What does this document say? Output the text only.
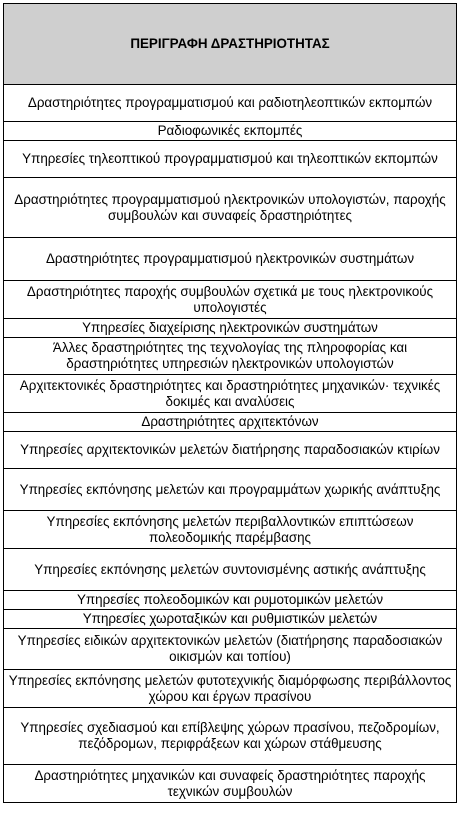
ΠΕΡΙΓΡΑΦΗ ΔΡΑΣΤΗΡΙΟΤΗΤΑΣ
Δραστηριότητες προγραμματισμού και ραδιοτηλεοπτικών εκπομπών
Ραδιοφωνικές εκπομπές
Υπηρεσίες τηλεοπτικού προγραμματισμού και τηλεοπτικών εκπομπών
Δραστηριότητες προγραμματισμού ηλεκτρονικών υπολογιστών, παροχής συμβουλών και συναφείς δραστηριότητες
Δραστηριότητες προγραμματισμού ηλεκτρονικών συστημάτων
Δραστηριότητες παροχής συμβουλών σχετικά με τους ηλεκτρονικούς υπολογιστές
Υπηρεσίες διαχείρισης ηλεκτρονικών συστημάτων
Άλλες δραστηριότητες της τεχνολογίας της πληροφορίας και δραστηριότητες υπηρεσιών ηλεκτρονικών υπολογιστών
Αρχιτεκτονικές δραστηριότητες και δραστηριότητες μηχανικών· τεχνικές δοκιμές και αναλύσεις
Δραστηριότητες αρχιτεκτόνων
Υπηρεσίες αρχιτεκτονικών μελετών διατήρησης παραδοσιακών κτιρίων
Υπηρεσίες εκπόνησης μελετών και προγραμμάτων χωρικής ανάπτυξης
Υπηρεσίες εκπόνησης μελετών περιβαλλοντικών επιπτώσεων πολεοδομικής παρέμβασης
Υπηρεσίες εκπόνησης μελετών συντονισμένης αστικής ανάπτυξης
Υπηρεσίες πολεοδομικών και ρυμοτομικών μελετών
Υπηρεσίες χωροταξικών και ρυθμιστικών μελετών
Υπηρεσίες ειδικών αρχιτεκτονικών μελετών (διατήρησης παραδοσιακών οικισμών και τοπίου)
Υπηρεσίες εκπόνησης μελετών φυτοτεχνικής διαμόρφωσης περιβάλλοντος χώρου και έργων πρασίνου
Υπηρεσίες σχεδιασμού και επίβλεψης χώρων πρασίνου, πεζοδρομίων, πεζόδρομων, περιφράξεων και χώρων στάθμευσης
Δραστηριότητες μηχανικών και συναφείς δραστηριότητες παροχής τεχνικών συμβουλών
